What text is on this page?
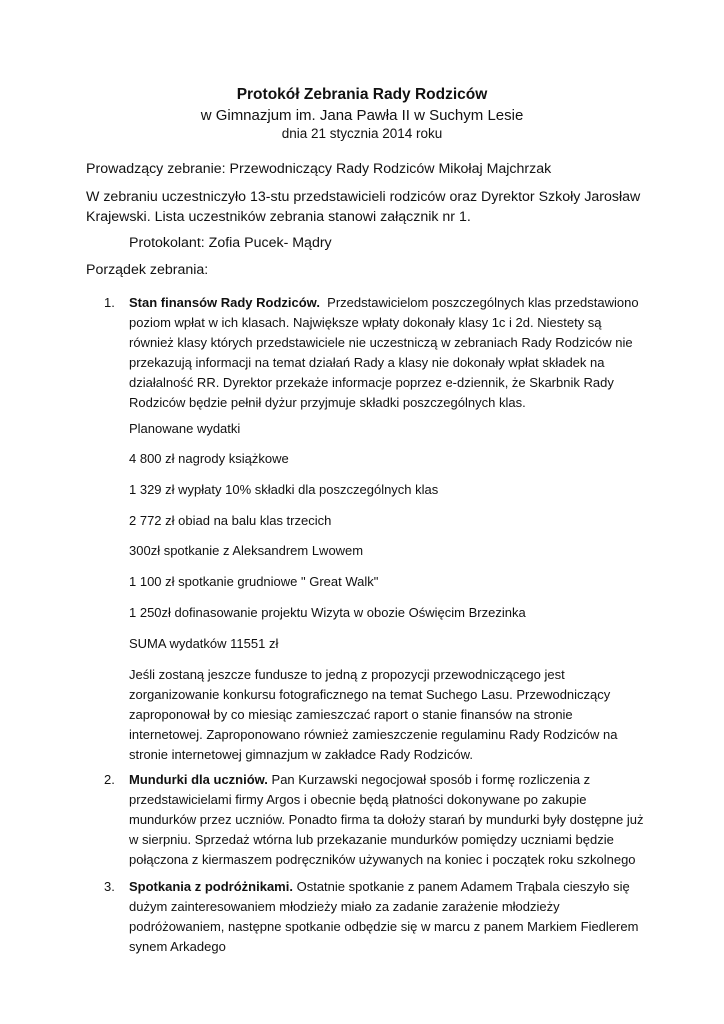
Protokół Zebrania Rady Rodziców
w Gimnazjum im. Jana Pawła II w Suchym Lesie
dnia 21 stycznia 2014 roku
Prowadzący zebranie: Przewodniczący Rady Rodziców Mikołaj Majchrzak
W zebraniu uczestniczyło 13-stu przedstawicieli rodziców oraz Dyrektor Szkoły Jarosław Krajewski. Lista uczestników zebrania stanowi załącznik nr 1.
Protokolant: Zofia Pucek- Mądry
Porządek zebrania:
1.	Stan finansów Rady Rodziców. Przedstawicielom poszczególnych klas przedstawiono poziom wpłat w ich klasach. Największe wpłaty dokonały klasy 1c i 2d. Niestety są również klasy których przedstawiciele nie uczestniczą w zebraniach Rady Rodziców nie przekazują informacji na temat działań Rady a klasy nie dokonały wpłat składek na działalność RR. Dyrektor przekaże informacje poprzez e-dziennik, że Skarbnik Rady Rodziców będzie pełnił dyżur przyjmuje składki poszczególnych klas.
Planowane wydatki
4 800 zł nagrody książkowe
1 329 zł wypłaty 10% składki dla poszczególnych klas
2 772 zł obiad na balu klas trzecich
300zł spotkanie z Aleksandrem Lwowem
1 100 zł spotkanie grudniowe " Great Walk"
1 250zł dofinasowanie projektu Wizyta w obozie Oświęcim Brzezinka
SUMA wydatków 11551 zł
Jeśli zostaną jeszcze fundusze to jedną z propozycji przewodniczącego jest zorganizowanie konkursu fotograficznego na temat Suchego Lasu. Przewodniczący zaproponował by co miesiąc zamieszczać raport o stanie finansów na stronie internetowej. Zaproponowano również zamieszczenie regulaminu Rady Rodziców na stronie internetowej gimnazjum w zakładce Rady Rodziców.
2.	Mundurki dla uczniów. Pan Kurzawski negocjował sposób i formę rozliczenia z przedstawicielami firmy Argos i obecnie będą płatności dokonywane po zakupie mundurków przez uczniów. Ponadto firma ta dołoży starań by mundurki były dostępne już w sierpniu. Sprzedaż wtórna lub przekazanie mundurków pomiędzy uczniami będzie połączona z kiermaszem podręczników używanych na koniec i początek roku szkolnego
3.	Spotkania z podróżnikami. Ostatnie spotkanie z panem Adamem Trąbala cieszyło się dużym zainteresowaniem młodzieży miało za zadanie zarażenie młodzieży podróżowaniem, następne spotkanie odbędzie się w marcu z panem Markiem Fiedlerem synem Arkadego
